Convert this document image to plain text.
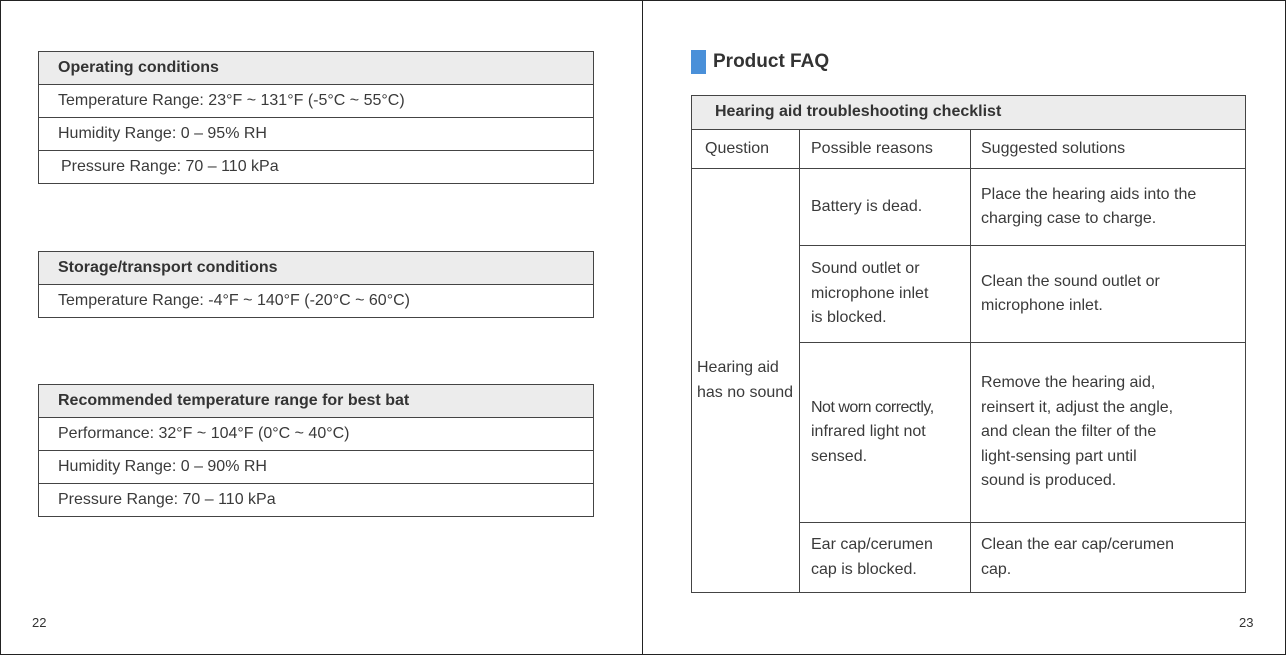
Operating conditions
Temperature Range: 23°F ~ 131°F (-5°C ~ 55°C)
Humidity Range: 0 – 95% RH
Pressure Range: 70 – 110 kPa
Storage/transport conditions
Temperature Range: -4°F ~ 140°F (-20°C ~ 60°C)
Recommended temperature range for best bat
Performance: 32°F ~ 104°F (0°C ~ 40°C)
Humidity Range: 0 – 90% RH
Pressure Range: 70 – 110 kPa
22
Product FAQ
Hearing aid troubleshooting checklist		
Question	Possible reasons	Suggested solutions

Hearing aid
has no sound	Battery is dead.	Place the hearing aids into the
charging case to charge.

	Sound outlet or
microphone inlet
is blocked.	Clean the sound outlet or
microphone inlet.

	Not worn correctly,
infrared light not
sensed.	Remove the hearing aid,
reinsert it, adjust the angle,
and clean the filter of the
light-sensing part until
sound is produced.

	Ear cap/cerumen
cap is blocked.	Clean the ear cap/cerumen
cap.
23
